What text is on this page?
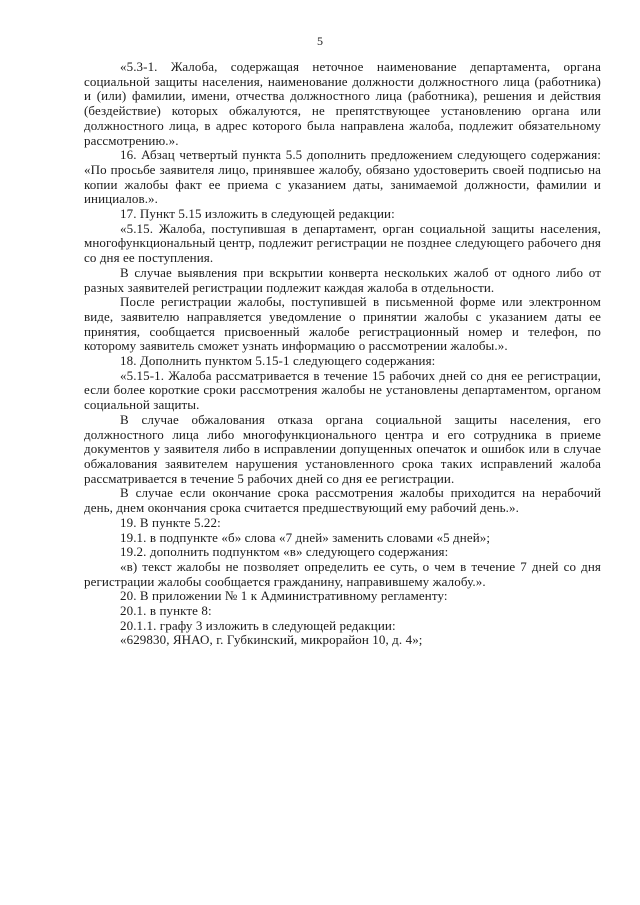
5

«5.3-1. Жалоба, содержащая неточное наименование департамента, органа социальной защиты населения, наименование должности должностного лица (работника) и (или) фамилии, имени, отчества должностного лица (работника), решения и действия (бездействие) которых обжалуются, не препятствующее установлению органа или должностного лица, в адрес которого была направлена жалоба, подлежит обязательному рассмотрению.».

16. Абзац четвертый пункта 5.5 дополнить предложением следующего содержания: «По просьбе заявителя лицо, принявшее жалобу, обязано удостоверить своей подписью на копии жалобы факт ее приема с указанием даты, занимаемой должности, фамилии и инициалов.».

17. Пункт 5.15 изложить в следующей редакции:

«5.15. Жалоба, поступившая в департамент, орган социальной защиты населения, многофункциональный центр, подлежит регистрации не позднее следующего рабочего дня со дня ее поступления.

В случае выявления при вскрытии конверта нескольких жалоб от одного либо от разных заявителей регистрации подлежит каждая жалоба в отдельности.

После регистрации жалобы, поступившей в письменной форме или электронном виде, заявителю направляется уведомление о принятии жалобы с указанием даты ее принятия, сообщается присвоенный жалобе регистрационный номер и телефон, по которому заявитель сможет узнать информацию о рассмотрении жалобы.».

18. Дополнить пунктом 5.15-1 следующего содержания:

«5.15-1. Жалоба рассматривается в течение 15 рабочих дней со дня ее регистрации, если более короткие сроки рассмотрения жалобы не установлены департаментом, органом социальной защиты.

В случае обжалования отказа органа социальной защиты населения, его должностного лица либо многофункционального центра и его сотрудника в приеме документов у заявителя либо в исправлении допущенных опечаток и ошибок или в случае обжалования заявителем нарушения установленного срока таких исправлений жалоба рассматривается в течение 5 рабочих дней со дня ее регистрации.

В случае если окончание срока рассмотрения жалобы приходится на нерабочий день, днем окончания срока считается предшествующий ему рабочий день.».

19. В пункте 5.22:

19.1. в подпункте «б» слова «7 дней» заменить словами «5 дней»;

19.2. дополнить подпунктом «в» следующего содержания:

«в) текст жалобы не позволяет определить ее суть, о чем в течение 7 дней со дня регистрации жалобы сообщается гражданину, направившему жалобу.».

20. В приложении № 1 к Административному регламенту:

20.1. в пункте 8:

20.1.1. графу 3 изложить в следующей редакции:

«629830, ЯНАО, г. Губкинский, микрорайон 10, д. 4»;
